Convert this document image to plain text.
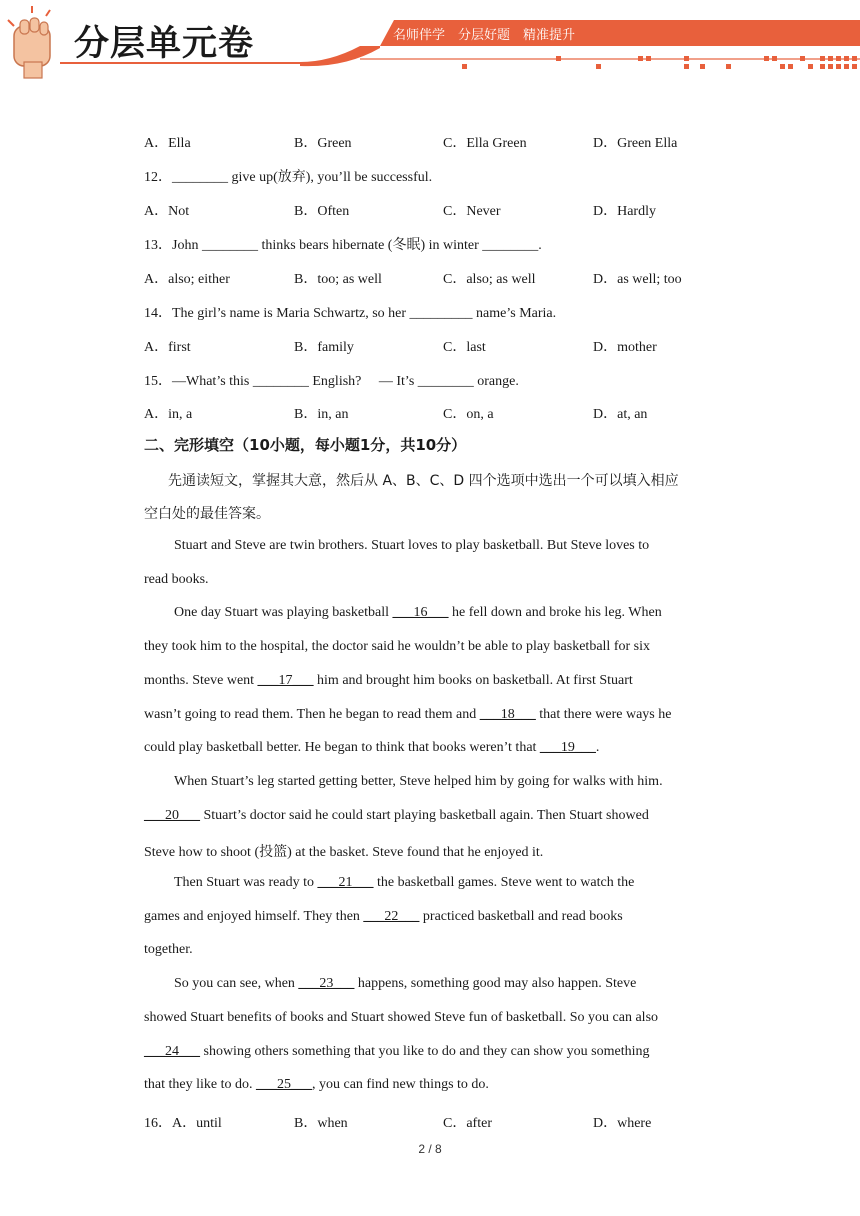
分层单元卷	名师伴学　分层好题　精准提升
A．Ella	B．Green	C．Ella Green	D．Green Ella
12．________ give up(放弃), you’ll be successful.
A．Not	B．Often	C．Never	D．Hardly
13．John ________ thinks bears hibernate (冬眠) in winter ________.
A．also; either	B．too; as well	C．also; as well	D．as well; too
14．The girl’s name is Maria Schwartz, so her _________ name’s Maria.
A．first	B．family	C．last	D．mother
15．—What’s this ________ English?　 — It’s ________ orange.
A．in, a	B．in, an	C．on, a	D．at, an
二、完形填空（10小题，每小题1分，共10分）
先通读短文，掌握其大意，然后从 A、B、C、D 四个选项中选出一个可以填入相应
空白处的最佳答案。
Stuart and Steve are twin brothers. Stuart loves to play basketball. But Steve loves to
read books.
One day Stuart was playing basketball ___16___ he fell down and broke his leg. When
they took him to the hospital, the doctor said he wouldn’t be able to play basketball for six
months. Steve went ___17___ him and brought him books on basketball. At first Stuart
wasn’t going to read them. Then he began to read them and ___18___ that there were ways he
could play basketball better. He began to think that books weren’t that ___19___.
When Stuart’s leg started getting better, Steve helped him by going for walks with him.
___20___ Stuart’s doctor said he could start playing basketball again. Then Stuart showed
Steve how to shoot (投篮) at the basket. Steve found that he enjoyed it.
Then Stuart was ready to ___21___ the basketball games. Steve went to watch the
games and enjoyed himself. They then ___22___ practiced basketball and read books
together.
So you can see, when ___23___ happens, something good may also happen. Steve
showed Stuart benefits of books and Stuart showed Steve fun of basketball. So you can also
___24___ showing others something that you like to do and they can show you something
that they like to do. ___25___, you can find new things to do.
16．A．until	B．when	C．after	D．where
2 / 8
